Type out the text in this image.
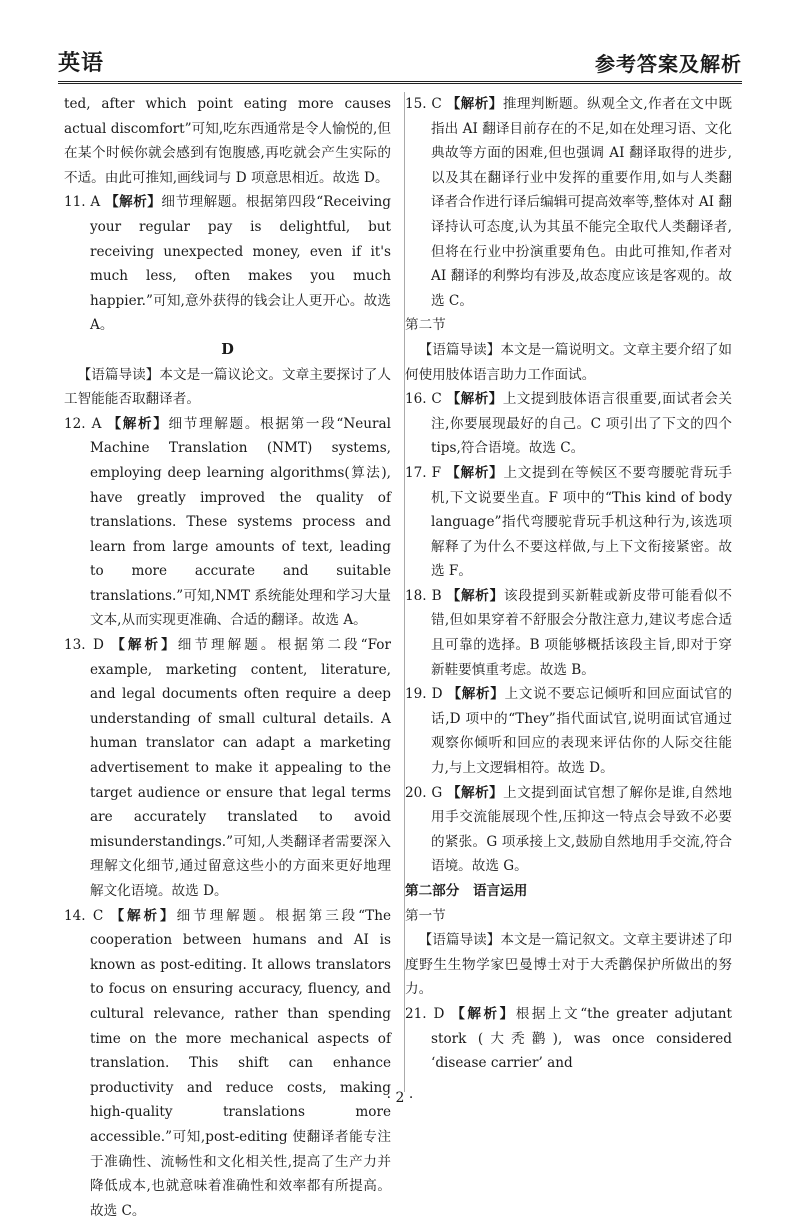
英语	参考答案及解析

ted, after which point eating more causes actual discomfort”可知,吃东西通常是令人愉悦的,但在某个时候你就会感到有饱腹感,再吃就会产生实际的不适。由此可推知,画线词与 D 项意思相近。故选 D。

11. A 【解析】细节理解题。根据第四段“Receiving your regular pay is delightful, but receiving unexpected money, even if it's much less, often makes you much happier.”可知,意外获得的钱会让人更开心。故选 A。

D

【语篇导读】本文是一篇议论文。文章主要探讨了人工智能能否取翻译者。

12. A 【解析】细节理解题。根据第一段“Neural Machine Translation (NMT) systems, employing deep learning algorithms(算法), have greatly improved the quality of translations. These systems process and learn from large amounts of text, leading to more accurate and suitable translations.”可知,NMT 系统能处理和学习大量文本,从而实现更准确、合适的翻译。故选 A。

13. D 【解析】细节理解题。根据第二段“For example, marketing content, literature, and legal documents often require a deep understanding of small cultural details. A human translator can adapt a marketing advertisement to make it appealing to the target audience or ensure that legal terms are accurately translated to avoid misunderstandings.”可知,人类翻译者需要深入理解文化细节,通过留意这些小的方面来更好地理解文化语境。故选 D。

14. C 【解析】细节理解题。根据第三段“The cooperation between humans and AI is known as post-editing. It allows translators to focus on ensuring accuracy, fluency, and cultural relevance, rather than spending time on the more mechanical aspects of translation. This shift can enhance productivity and reduce costs, making high-quality translations more accessible.”可知,post-editing 使翻译者能专注于准确性、流畅性和文化相关性,提高了生产力并降低成本,也就意味着准确性和效率都有所提高。故选 C。

15. C 【解析】推理判断题。纵观全文,作者在文中既指出 AI 翻译目前存在的不足,如在处理习语、文化典故等方面的困难,但也强调 AI 翻译取得的进步,以及其在翻译行业中发挥的重要作用,如与人类翻译者合作进行译后编辑可提高效率等,整体对 AI 翻译持认可态度,认为其虽不能完全取代人类翻译者,但将在行业中扮演重要角色。由此可推知,作者对 AI 翻译的利弊均有涉及,故态度应该是客观的。故选 C。

第二节

【语篇导读】本文是一篇说明文。文章主要介绍了如何使用肢体语言助力工作面试。

16. C 【解析】上文提到肢体语言很重要,面试者会关注,你要展现最好的自己。C 项引出了下文的四个 tips,符合语境。故选 C。

17. F 【解析】上文提到在等候区不要弯腰驼背玩手机,下文说要坐直。F 项中的“This kind of body language”指代弯腰驼背玩手机这种行为,该选项解释了为什么不要这样做,与上下文衔接紧密。故选 F。

18. B 【解析】该段提到买新鞋或新皮带可能看似不错,但如果穿着不舒服会分散注意力,建议考虑合适且可靠的选择。B 项能够概括该段主旨,即对于穿新鞋要慎重考虑。故选 B。

19. D 【解析】上文说不要忘记倾听和回应面试官的话,D 项中的“They”指代面试官,说明面试官通过观察你倾听和回应的表现来评估你的人际交往能力,与上文逻辑相符。故选 D。

20. G 【解析】上文提到面试官想了解你是谁,自然地用手交流能展现个性,压抑这一特点会导致不必要的紧张。G 项承接上文,鼓励自然地用手交流,符合语境。故选 G。

第二部分　语言运用

第一节

【语篇导读】本文是一篇记叙文。文章主要讲述了印度野生生物学家巴曼博士对于大秃鹳保护所做出的努力。

21. D 【解析】根据上文“the greater adjutant stork (大秃鹳), was once considered ‘disease carrier’ and

· 2 ·
